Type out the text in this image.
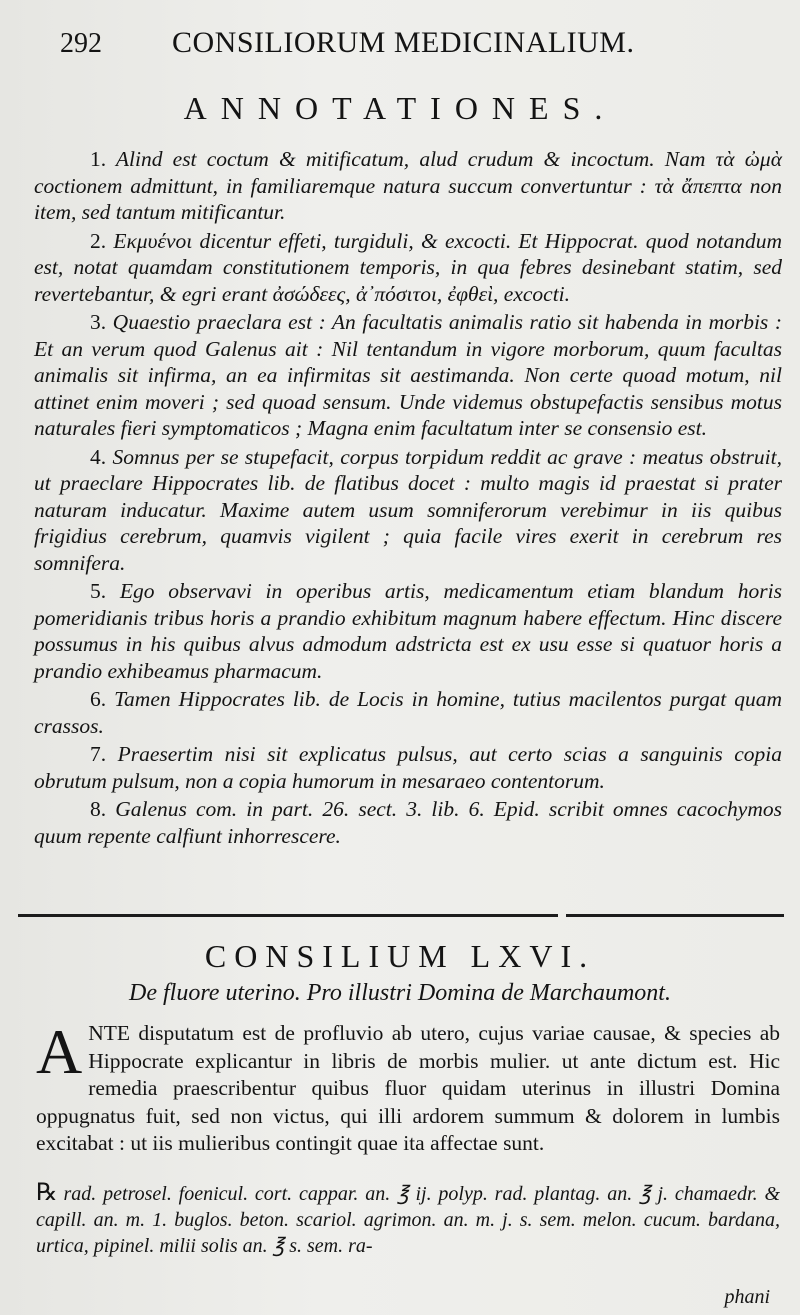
292 CONSILIORUM MEDICINALIUM.
ANNOTATIONES.

1. Alind est coctum & mitificatum, alud crudum & incoctum. Nam τὰ ὠμὰ coctionem admittunt, in familiaremque natura succum convertuntur : τὰ ἄπεπτα non item, sed tantum mitificantur.

2. Εκμυένοι dicentur effeti, turgiduli, & excocti. Et Hippocrat. quod notandum est, notat quamdam constitutionem temporis, in qua febres desinebant statim, sed revertebantur, & egri erant ἀσώδεες, ἀ᾿πόσιτοι, ἐφθεὶ, excocti.

3. Quaestio praeclara est : An facultatis animalis ratio sit habenda in morbis : Et an verum quod Galenus ait : Nil tentandum in vigore morborum, quum facultas animalis sit infirma, an ea infirmitas sit aestimanda. Non certe quoad motum, nil attinet enim moveri ; sed quoad sensum. Unde videmus obstupefactis sensibus motus naturales fieri symptomaticos ; Magna enim facultatum inter se consensio est.

4. Somnus per se stupefacit, corpus torpidum reddit ac grave : meatus obstruit, ut praeclare Hippocrates lib. de flatibus docet : multo magis id praestat si prater naturam inducatur. Maxime autem usum somniferorum verebimur in iis quibus frigidius cerebrum, quamvis vigilent ; quia facile vires exerit in cerebrum res somnifera.

5. Ego observavi in operibus artis, medicamentum etiam blandum horis pomeridianis tribus horis a prandio exhibitum magnum habere effectum. Hinc discere possumus in his quibus alvus admodum adstricta est ex usu esse si quatuor horis a prandio exhibeamus pharmacum.

6. Tamen Hippocrates lib. de Locis in homine, tutius macilentos purgat quam crassos.

7. Praesertim nisi sit explicatus pulsus, aut certo scias a sanguinis copia obrutum pulsum, non a copia humorum in mesaraeo contentorum.

8. Galenus com. in part. 26. sect. 3. lib. 6. Epid. scribit omnes cacochymos quum repente calfiunt inhorrescere.

CONSILIUM LXVI.
De fluore uterino. Pro illustri Domina de Marchaumont.
ANTE disputatum est de profluvio ab utero, cujus variae causae, & species ab Hippocrate explicantur in libris de morbis mulier. ut ante dictum est. Hic remedia praescribentur quibus fluor quidam uterinus in illustri Domina oppugnatus fuit, sed non victus, qui illi ardorem summum & dolorem in lumbis excitabat : ut iis mulieribus contingit quae ita affectae sunt.
℞ rad. petrosel. foenicul. cort. cappar. an. ℥ ij. polyp. rad. plantag. an. ℥ j. chamaedr. & capill. an. m. 1. buglos. beton. scariol. agrimon. an. m. j. s. sem. melon. cucum. bardana, urtica, pipinel. milii solis an. ℥ s. sem. ra-
phani
